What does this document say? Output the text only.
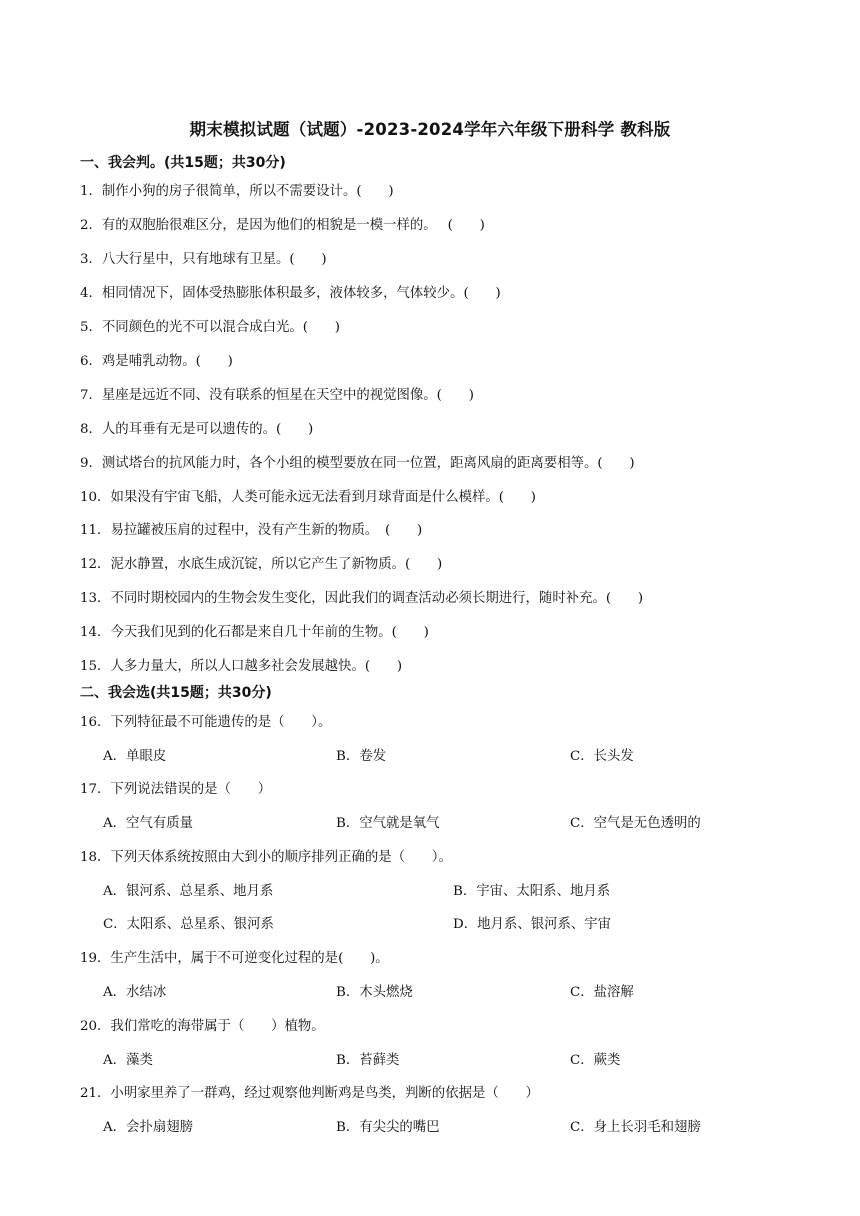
期末模拟试题（试题）-2023-2024学年六年级下册科学 教科版
一、我会判。(共15题；共30分)
1．制作小狗的房子很简单，所以不需要设计。(　　)
2．有的双胞胎很难区分，是因为他们的相貌是一模一样的。　 (　　)
3．八大行星中，只有地球有卫星。(　　)
4．相同情况下，固体受热膨胀体积最多，液体较多，气体较少。(　　)
5．不同颜色的光不可以混合成白光。(　　)
6．鸡是哺乳动物。(　　)
7．星座是远近不同、没有联系的恒星在天空中的视觉图像。(　　)
8．人的耳垂有无是可以遗传的。(　　)
9．测试塔台的抗风能力时，各个小组的模型要放在同一位置，距离风扇的距离要相等。(　　)
10．如果没有宇宙飞船，人类可能永远无法看到月球背面是什么模样。(　　)
11．易拉罐被压肩的过程中，没有产生新的物质。　(　　)
12．泥水静置，水底生成沉锭，所以它产生了新物质。(　　)
13．不同时期校园内的生物会发生变化，因此我们的调查活动必须长期进行，随时补充。(　　)
14．今天我们见到的化石都是来自几十年前的生物。(　　)
15．人多力量大，所以人口越多社会发展越快。(　　)
二、我会选(共15题；共30分)
16．下列特征最不可能遗传的是（　　）。
A．单眼皮	B．卷发	C．长头发
17．下列说法错误的是（　　）
A．空气有质量	B．空气就是氧气	C．空气是无色透明的
18．下列天体系统按照由大到小的顺序排列正确的是（　　）。
A．银河系、总星系、地月系	B．宇宙、太阳系、地月系
C．太阳系、总星系、银河系	D．地月系、银河系、宇宙
19．生产生活中，属于不可逆变化过程的是(　　)。
A．水结冰	B．木头燃烧	C．盐溶解
20．我们常吃的海带属于（　　）植物。
A．藻类	B．苔藓类	C．蕨类
21．小明家里养了一群鸡，经过观察他判断鸡是鸟类，判断的依据是（　　）
A．会扑扇翅膀	B．有尖尖的嘴巴	C．身上长羽毛和翅膀
